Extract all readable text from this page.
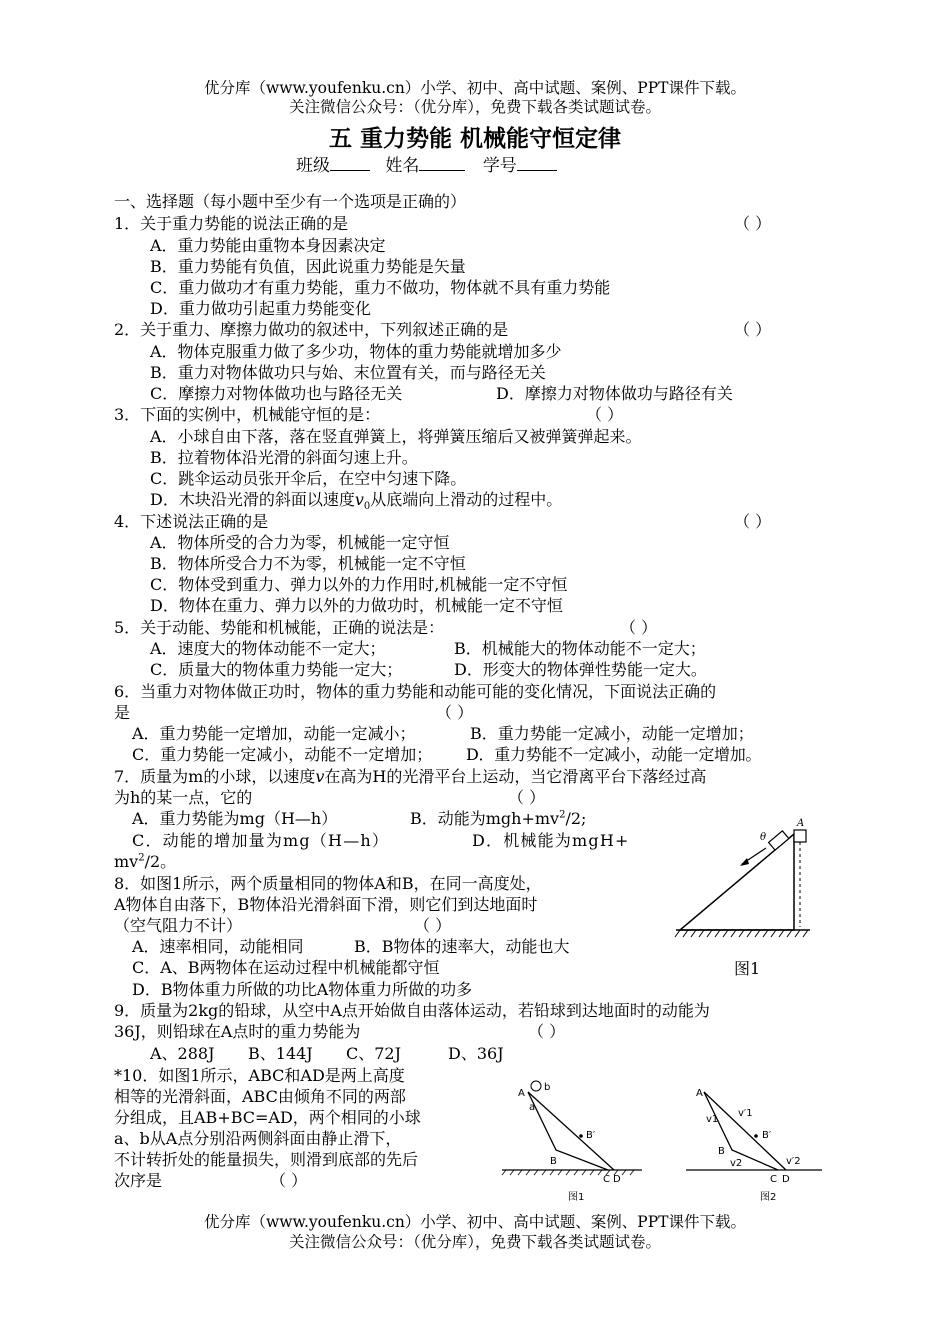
优分库（www.youfenku.cn）小学、初中、高中试题、案例、PPT课件下载。
关注微信公众号：（优分库），免费下载各类试题试卷。
五 重力势能 机械能守恒定律
班级	姓名	学号
一、选择题（每小题中至少有一个选项是正确的）
1．关于重力势能的说法正确的是	（ ）
A．重力势能由重物本身因素决定
B．重力势能有负值，因此说重力势能是矢量
C．重力做功才有重力势能，重力不做功，物体就不具有重力势能
D．重力做功引起重力势能变化
2．关于重力、摩擦力做功的叙述中，下列叙述正确的是	（ ）
A．物体克服重力做了多少功，物体的重力势能就增加多少
B．重力对物体做功只与始、末位置有关，而与路径无关
C．摩擦力对物体做功也与路径无关	D．摩擦力对物体做功与路径有关
3．下面的实例中，机械能守恒的是：	（ ）
A．小球自由下落，落在竖直弹簧上，将弹簧压缩后又被弹簧弹起来。
B．拉着物体沿光滑的斜面匀速上升。
C．跳伞运动员张开伞后，在空中匀速下降。
D．木块沿光滑的斜面以速度$v_0$从底端向上滑动的过程中。
4．下述说法正确的是	（ ）
A．物体所受的合力为零，机械能一定守恒
B．物体所受合力不为零，机械能一定不守恒
C．物体受到重力、弹力以外的力作用时,机械能一定不守恒
D．物体在重力、弹力以外的力做功时，机械能一定不守恒
5．关于动能、势能和机械能，正确的说法是：	（ ）
A．速度大的物体动能不一定大；	B．机械能大的物体动能不一定大；
C．质量大的物体重力势能一定大；	D．形变大的物体弹性势能一定大。
6．当重力对物体做正功时，物体的重力势能和动能可能的变化情况，下面说法正确的
是	（ ）
A．重力势能一定增加，动能一定减小；	B．重力势能一定减小，动能一定增加；
C．重力势能一定减小，动能不一定增加； D．重力势能不一定减小，动能一定增加。
7．质量为m的小球，以速度v在高为H的光滑平台上运动，当它滑离平台下落经过高
为h的某一点，它的	（ ）
A．重力势能为mg（H—h）	B．动能为$mgh+mv^2/2$;
C．动能的增加量为mg（H—h）	D．机械能为mgH+
$mv^2/2$。
8．如图1所示，两个质量相同的物体A和B，在同一高度处，
A物体自由落下，B物体沿光滑斜面下滑，则它们到达地面时
（空气阻力不计）	（ ）
A．速率相同，动能相同	B．B物体的速率大，动能也大
C．A、B两物体在运动过程中机械能都守恒
D．B物体重力所做的功比A物体重力所做的功多
A
θ
图1
9．质量为2kg的铅球，从空中A点开始做自由落体运动，若铅球到达地面时的动能为
36J，则铅球在A点时的重力势能为	（ ）
A、288J B、144J C、72J	D、36J
*10．如图1所示，ABC和AD是两上高度
相等的光滑斜面，ABC由倾角不同的两部
分组成，且AB+BC=AD，两个相同的小球
a、b从A点分别沿两侧斜面由静止滑下，
不计转折处的能量损失，则滑到底部的先后
次序是	（ ）
A
b
a
B′
B
C D
图1
A
v1
v′1
B′
B
v2	v′2
C D
图2
优分库（www.youfenku.cn）小学、初中、高中试题、案例、PPT课件下载。
关注微信公众号：（优分库），免费下载各类试题试卷。
